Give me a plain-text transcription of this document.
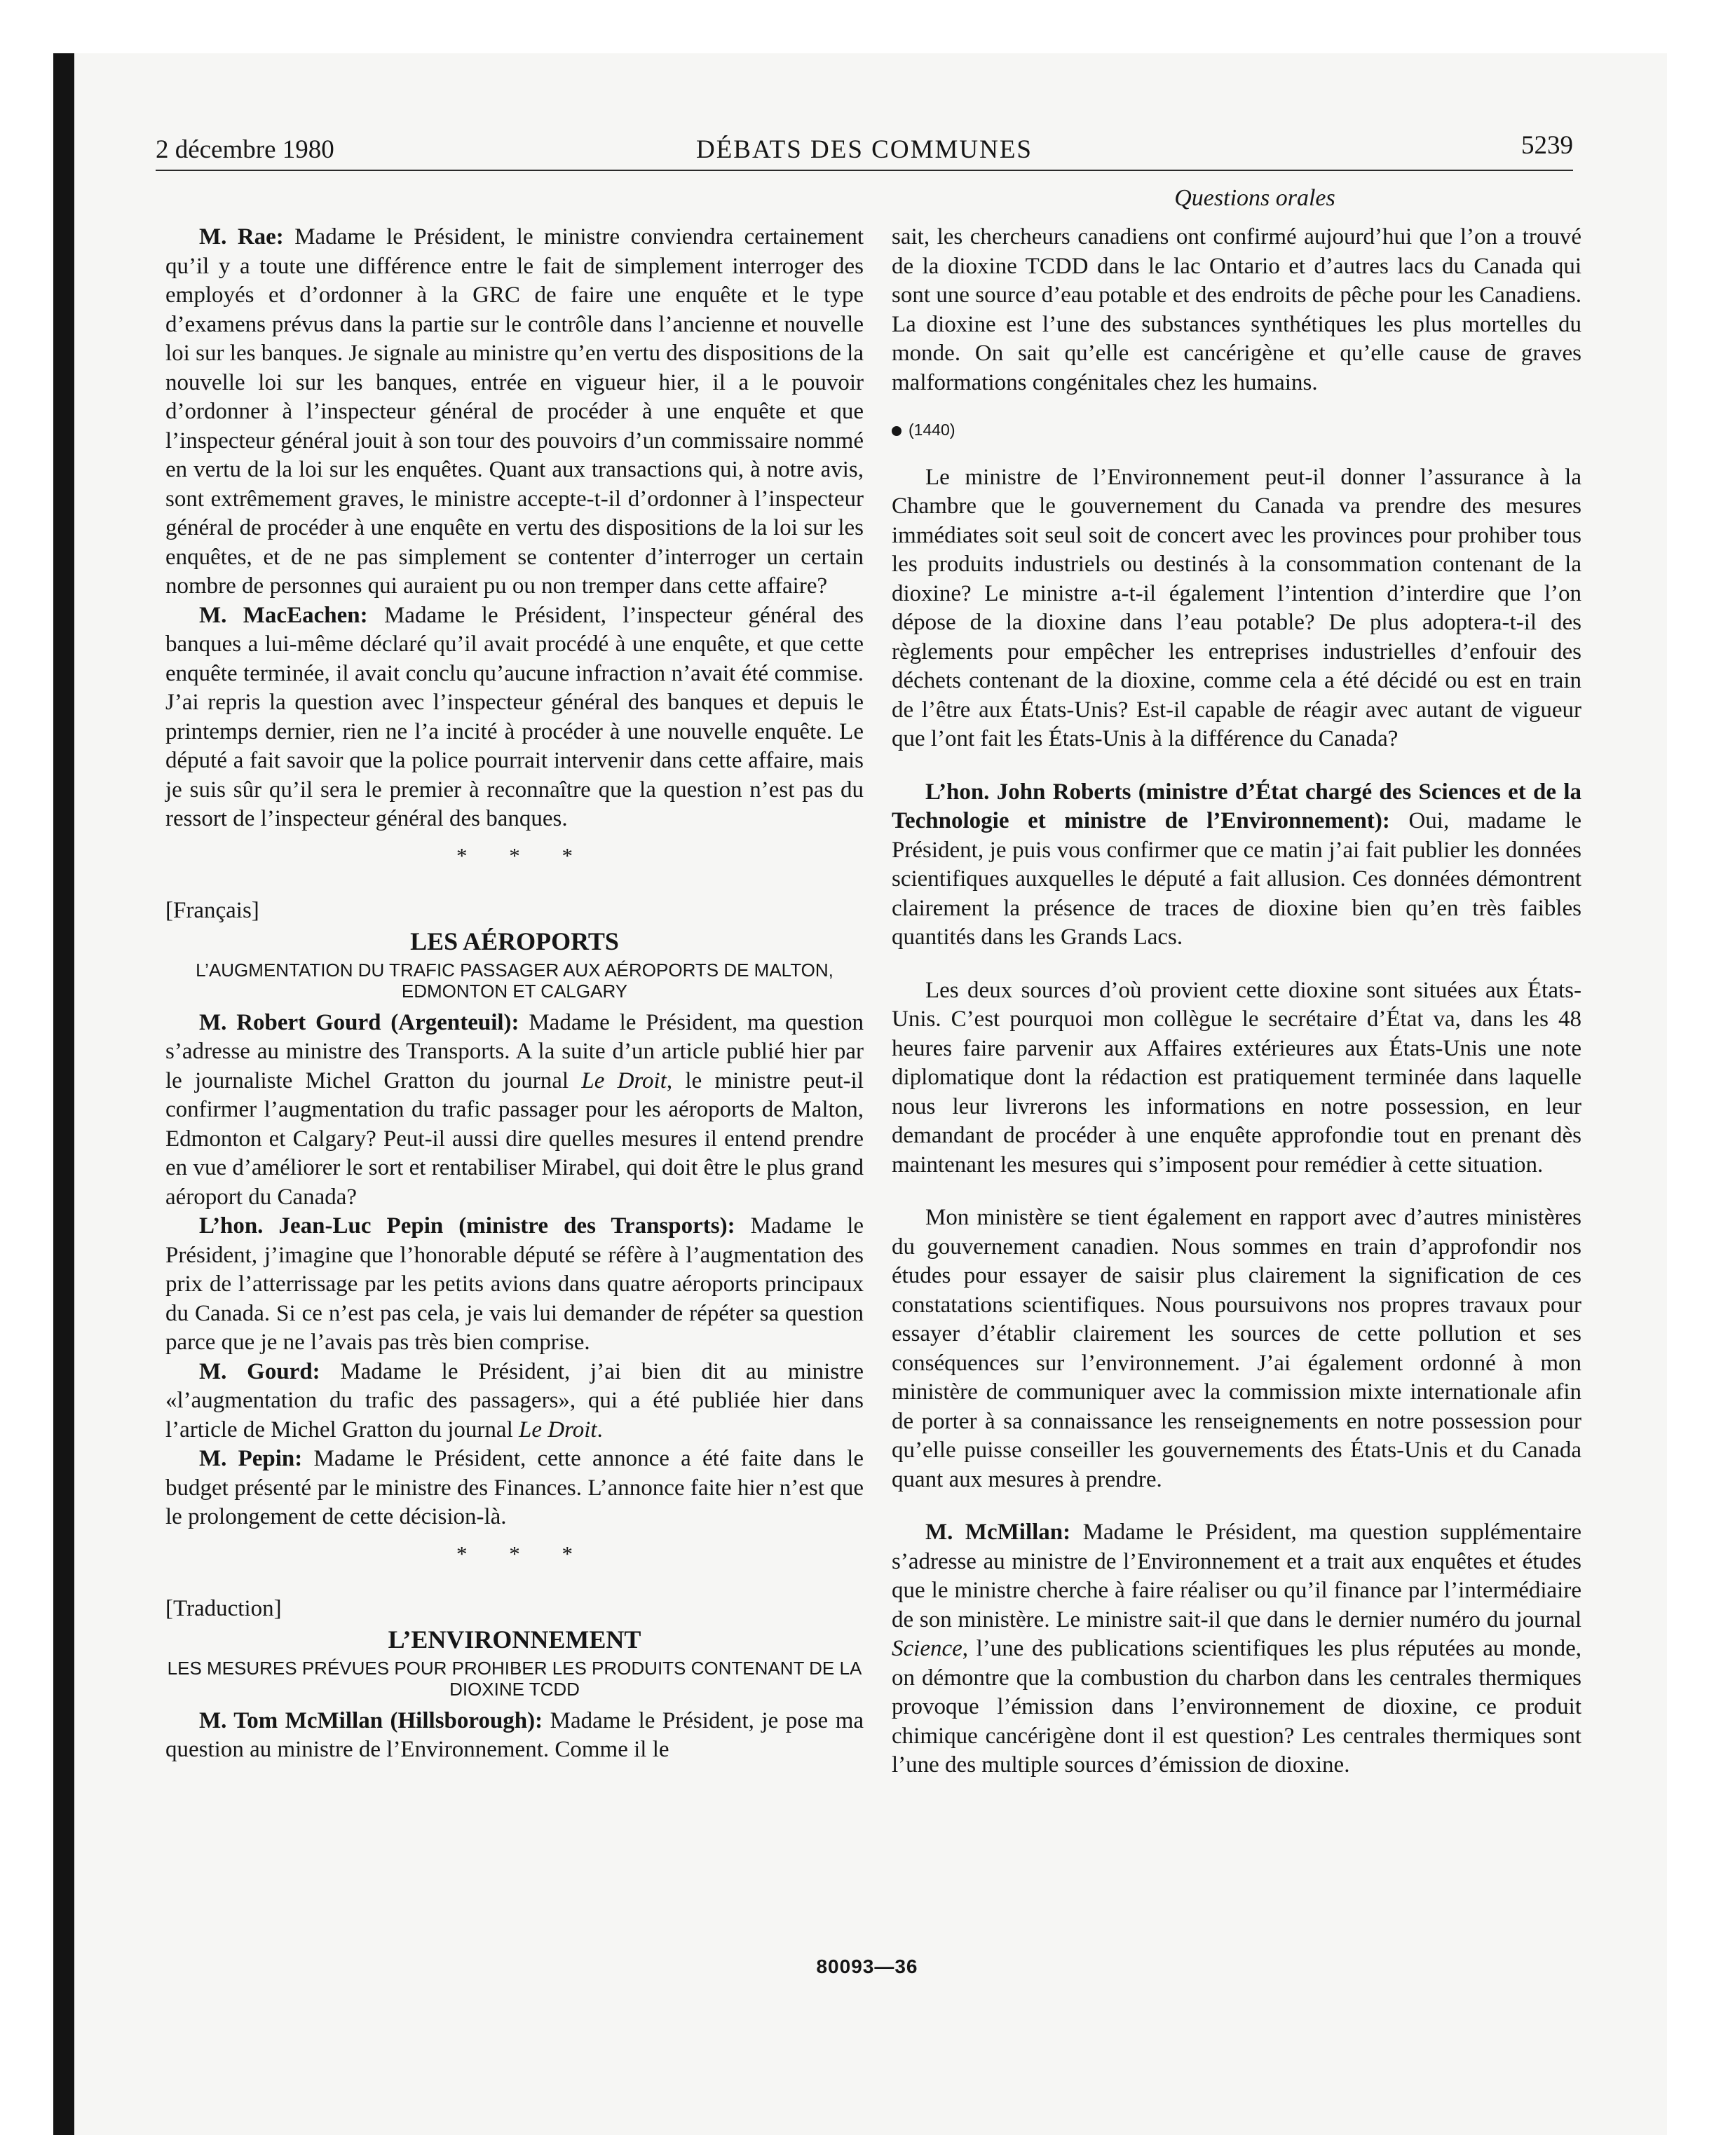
2 décembre 1980	DÉBATS DES COMMUNES	5239
Questions orales

M. Rae: Madame le Président, le ministre conviendra certainement qu’il y a toute une différence entre le fait de simplement interroger des employés et d’ordonner à la GRC de faire une enquête et le type d’examens prévus dans la partie sur le contrôle dans l’ancienne et nouvelle loi sur les banques. Je signale au ministre qu’en vertu des dispositions de la nouvelle loi sur les banques, entrée en vigueur hier, il a le pouvoir d’ordonner à l’inspecteur général de procéder à une enquête et que l’inspecteur général jouit à son tour des pouvoirs d’un commissaire nommé en vertu de la loi sur les enquêtes. Quant aux transactions qui, à notre avis, sont extrêmement graves, le ministre accepte-t-il d’ordonner à l’inspecteur général de procéder à une enquête en vertu des dispositions de la loi sur les enquêtes, et de ne pas simplement se contenter d’interroger un certain nombre de personnes qui auraient pu ou non tremper dans cette affaire?

M. MacEachen: Madame le Président, l’inspecteur général des banques a lui-même déclaré qu’il avait procédé à une enquête, et que cette enquête terminée, il avait conclu qu’aucune infraction n’avait été commise. J’ai repris la question avec l’inspecteur général des banques et depuis le printemps dernier, rien ne l’a incité à procéder à une nouvelle enquête. Le député a fait savoir que la police pourrait intervenir dans cette affaire, mais je suis sûr qu’il sera le premier à reconnaître que la question n’est pas du ressort de l’inspecteur général des banques.

* * *

[Français]

LES AÉROPORTS
L’AUGMENTATION DU TRAFIC PASSAGER AUX AÉROPORTS DE MALTON, EDMONTON ET CALGARY

M. Robert Gourd (Argenteuil): Madame le Président, ma question s’adresse au ministre des Transports. A la suite d’un article publié hier par le journaliste Michel Gratton du journal Le Droit, le ministre peut-il confirmer l’augmentation du trafic passager pour les aéroports de Malton, Edmonton et Calgary? Peut-il aussi dire quelles mesures il entend prendre en vue d’améliorer le sort et rentabiliser Mirabel, qui doit être le plus grand aéroport du Canada?

L’hon. Jean-Luc Pepin (ministre des Transports): Madame le Président, j’imagine que l’honorable député se réfère à l’augmentation des prix de l’atterrissage par les petits avions dans quatre aéroports principaux du Canada. Si ce n’est pas cela, je vais lui demander de répéter sa question parce que je ne l’avais pas très bien comprise.

M. Gourd: Madame le Président, j’ai bien dit au ministre «l’augmentation du trafic des passagers», qui a été publiée hier dans l’article de Michel Gratton du journal Le Droit.

M. Pepin: Madame le Président, cette annonce a été faite dans le budget présenté par le ministre des Finances. L’annonce faite hier n’est que le prolongement de cette décision-là.

* * *

[Traduction]

L’ENVIRONNEMENT
LES MESURES PRÉVUES POUR PROHIBER LES PRODUITS CONTENANT DE LA DIOXINE TCDD

M. Tom McMillan (Hillsborough): Madame le Président, je pose ma question au ministre de l’Environnement. Comme il le

sait, les chercheurs canadiens ont confirmé aujourd’hui que l’on a trouvé de la dioxine TCDD dans le lac Ontario et d’autres lacs du Canada qui sont une source d’eau potable et des endroits de pêche pour les Canadiens. La dioxine est l’une des substances synthétiques les plus mortelles du monde. On sait qu’elle est cancérigène et qu’elle cause de graves malformations congénitales chez les humains.

(1440)

Le ministre de l’Environnement peut-il donner l’assurance à la Chambre que le gouvernement du Canada va prendre des mesures immédiates soit seul soit de concert avec les provinces pour prohiber tous les produits industriels ou destinés à la consommation contenant de la dioxine? Le ministre a-t-il également l’intention d’interdire que l’on dépose de la dioxine dans l’eau potable? De plus adoptera-t-il des règlements pour empêcher les entreprises industrielles d’enfouir des déchets contenant de la dioxine, comme cela a été décidé ou est en train de l’être aux États-Unis? Est-il capable de réagir avec autant de vigueur que l’ont fait les États-Unis à la différence du Canada?

L’hon. John Roberts (ministre d’État chargé des Sciences et de la Technologie et ministre de l’Environnement): Oui, madame le Président, je puis vous confirmer que ce matin j’ai fait publier les données scientifiques auxquelles le député a fait allusion. Ces données démontrent clairement la présence de traces de dioxine bien qu’en très faibles quantités dans les Grands Lacs.

Les deux sources d’où provient cette dioxine sont situées aux États-Unis. C’est pourquoi mon collègue le secrétaire d’État va, dans les 48 heures faire parvenir aux Affaires extérieures aux États-Unis une note diplomatique dont la rédaction est pratiquement terminée dans laquelle nous leur livrerons les informations en notre possession, en leur demandant de procéder à une enquête approfondie tout en prenant dès maintenant les mesures qui s’imposent pour remédier à cette situation.

Mon ministère se tient également en rapport avec d’autres ministères du gouvernement canadien. Nous sommes en train d’approfondir nos études pour essayer de saisir plus clairement la signification de ces constatations scientifiques. Nous poursuivons nos propres travaux pour essayer d’établir clairement les sources de cette pollution et ses conséquences sur l’environnement. J’ai également ordonné à mon ministère de communiquer avec la commission mixte internationale afin de porter à sa connaissance les renseignements en notre possession pour qu’elle puisse conseiller les gouvernements des États-Unis et du Canada quant aux mesures à prendre.

M. McMillan: Madame le Président, ma question supplémentaire s’adresse au ministre de l’Environnement et a trait aux enquêtes et études que le ministre cherche à faire réaliser ou qu’il finance par l’intermédiaire de son ministère. Le ministre sait-il que dans le dernier numéro du journal Science, l’une des publications scientifiques les plus réputées au monde, on démontre que la combustion du charbon dans les centrales thermiques provoque l’émission dans l’environnement de dioxine, ce produit chimique cancérigène dont il est question? Les centrales thermiques sont l’une des multiple sources d’émission de dioxine.

80093—36
